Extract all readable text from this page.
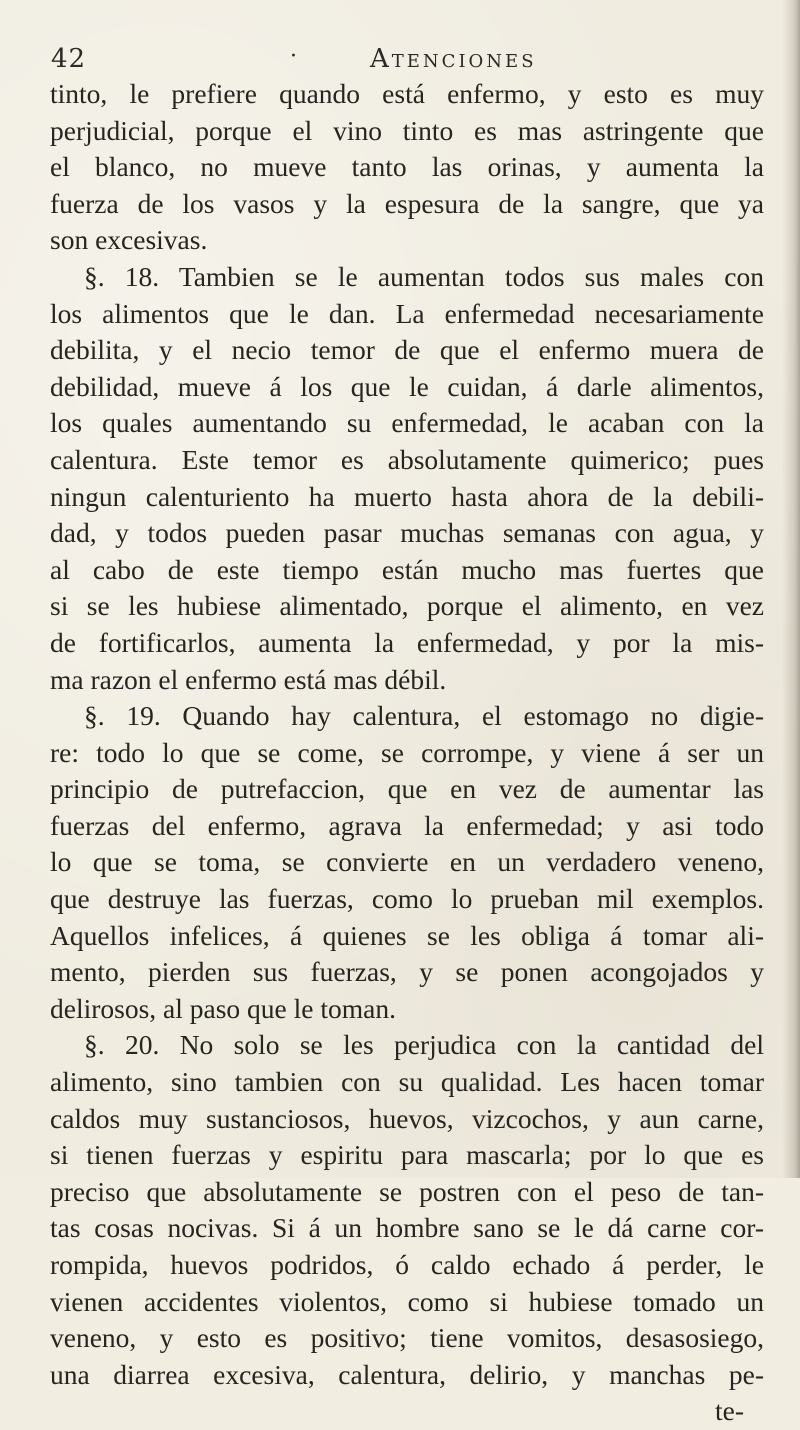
42	·	Atenciones
tinto, le prefiere quando está enfermo, y esto es muy
perjudicial, porque el vino tinto es mas astringente que
el blanco, no mueve tanto las orinas, y aumenta la
fuerza de los vasos y la espesura de la sangre, que ya
son excesivas.
§. 18. Tambien se le aumentan todos sus males con
los alimentos que le dan. La enfermedad necesariamente
debilita, y el necio temor de que el enfermo muera de
debilidad, mueve á los que le cuidan, á darle alimentos,
los quales aumentando su enfermedad, le acaban con la
calentura. Este temor es absolutamente quimerico; pues
ningun calenturiento ha muerto hasta ahora de la debili-
dad, y todos pueden pasar muchas semanas con agua, y
al cabo de este tiempo están mucho mas fuertes que
si se les hubiese alimentado, porque el alimento, en vez
de fortificarlos, aumenta la enfermedad, y por la mis-
ma razon el enfermo está mas débil.
§. 19. Quando hay calentura, el estomago no digie-
re: todo lo que se come, se corrompe, y viene á ser un
principio de putrefaccion, que en vez de aumentar las
fuerzas del enfermo, agrava la enfermedad; y asi todo
lo que se toma, se convierte en un verdadero veneno,
que destruye las fuerzas, como lo prueban mil exemplos.
Aquellos infelices, á quienes se les obliga á tomar ali-
mento, pierden sus fuerzas, y se ponen acongojados y
delirosos, al paso que le toman.
§. 20. No solo se les perjudica con la cantidad del
alimento, sino tambien con su qualidad. Les hacen tomar
caldos muy sustanciosos, huevos, vizcochos, y aun carne,
si tienen fuerzas y espiritu para mascarla; por lo que es
preciso que absolutamente se postren con el peso de tan-
tas cosas nocivas. Si á un hombre sano se le dá carne cor-
rompida, huevos podridos, ó caldo echado á perder, le
vienen accidentes violentos, como si hubiese tomado un
veneno, y esto es positivo; tiene vomitos, desasosiego,
una diarrea excesiva, calentura, delirio, y manchas pe-
te-
